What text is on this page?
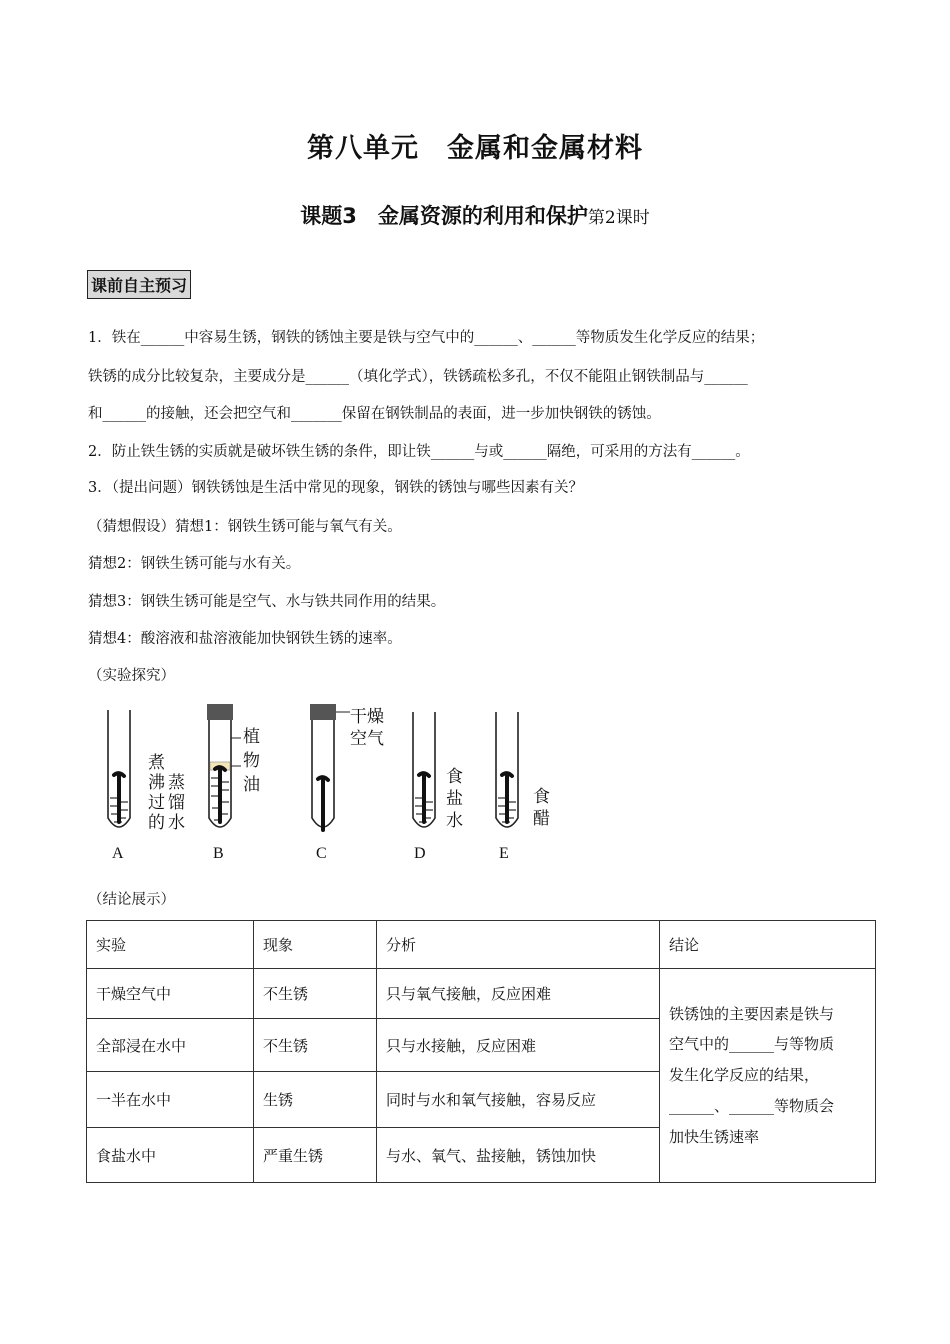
第八单元　金属和金属材料
课题3　金属资源的利用和保护第2课时
课前自主预习
1．铁在______中容易生锈，钢铁的锈蚀主要是铁与空气中的______、______等物质发生化学反应的结果；
铁锈的成分比较复杂，主要成分是______（填化学式），铁锈疏松多孔，不仅不能阻止钢铁制品与______
和______的接触，还会把空气和_______保留在钢铁制品的表面，进一步加快钢铁的锈蚀。
2．防止铁生锈的实质就是破坏铁生锈的条件，即让铁______与或______隔绝，可采用的方法有______。
3．（提出问题）钢铁锈蚀是生活中常见的现象，钢铁的锈蚀与哪些因素有关？
（猜想假设）猜想1：钢铁生锈可能与氧气有关。
猜想2：钢铁生锈可能与水有关。
猜想3：钢铁生锈可能是空气、水与铁共同作用的结果。
猜想4：酸溶液和盐溶液能加快钢铁生锈的速率。
（实验探究）
煮
沸
过
的
蒸
馏
水
植
物
油
干燥
空气
食
盐
水
食
醋
A	B	C	D	E
（结论展示）
实验	现象	分析	结论
干燥空气中	不生锈	只与氧气接触，反应困难	铁锈蚀的主要因素是铁与
空气中的______与等物质
发生化学反应的结果，
______、______等物质会
加快生锈速率

全部浸在水中	不生锈	只与水接触，反应困难	
一半在水中	生锈	同时与水和氧气接触，容易反应	
食盐水中	严重生锈	与水、氧气、盐接触，锈蚀加快	
